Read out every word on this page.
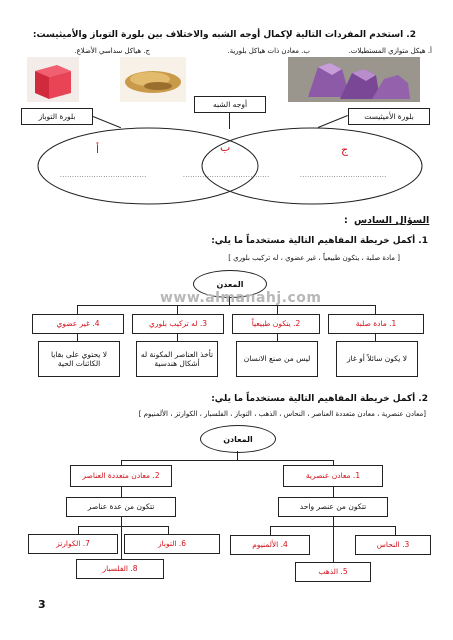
2. استخدم المفردات التالية لإكمال أوجه الشبه والاختلاف بين بلورة التوباز والأميثيست:
أ. هيكل متوازي المستطيلات.
ب. معادن ذات هياكل بلورية.
ج. هياكل سداسي الأضلاع.
بلورة التوباز
أوجه الشبه
بلورة الأميثيست
أ	ب	ج
....................................	....................................	....................................
السؤال السادس
:
1. أكمل خريطة المفاهيم التالية مستخدماً ما يلي:
[ مادة صلبة ، يتكون طبيعياً ، غير عضوي ، له تركيب بلوري ]
المعدن
1. مادة صلبة
2. يتكون طبيعياً
3. له تركيب بلوري
4. غير عضوي
لا يكون سائلاً أو غاز
ليس من صنع الانسان
تأخذ العناصر المكونة له أشكال هندسية
لا يحتوي على بقايا الكائنات الحية
www.almanahj.com
2. أكمل خريطة المفاهيم التالية مستخدماً ما يلي:
[معادن عنصرية ، معادن متعددة العناصر ، النحاس ، الذهب ، التوباز ، الفلسبار ، الكوارتز ، الألمنيوم ]
المعادن
1. معادن عنصرية
2. معادن متعددة العناصر
تتكون من عنصر واحد
تتكون من عدة عناصر
4. الألمنيوم	3. النحاس
5. الذهب
6. التوباز
7. الكوارتز
8. الفلسبار
3
